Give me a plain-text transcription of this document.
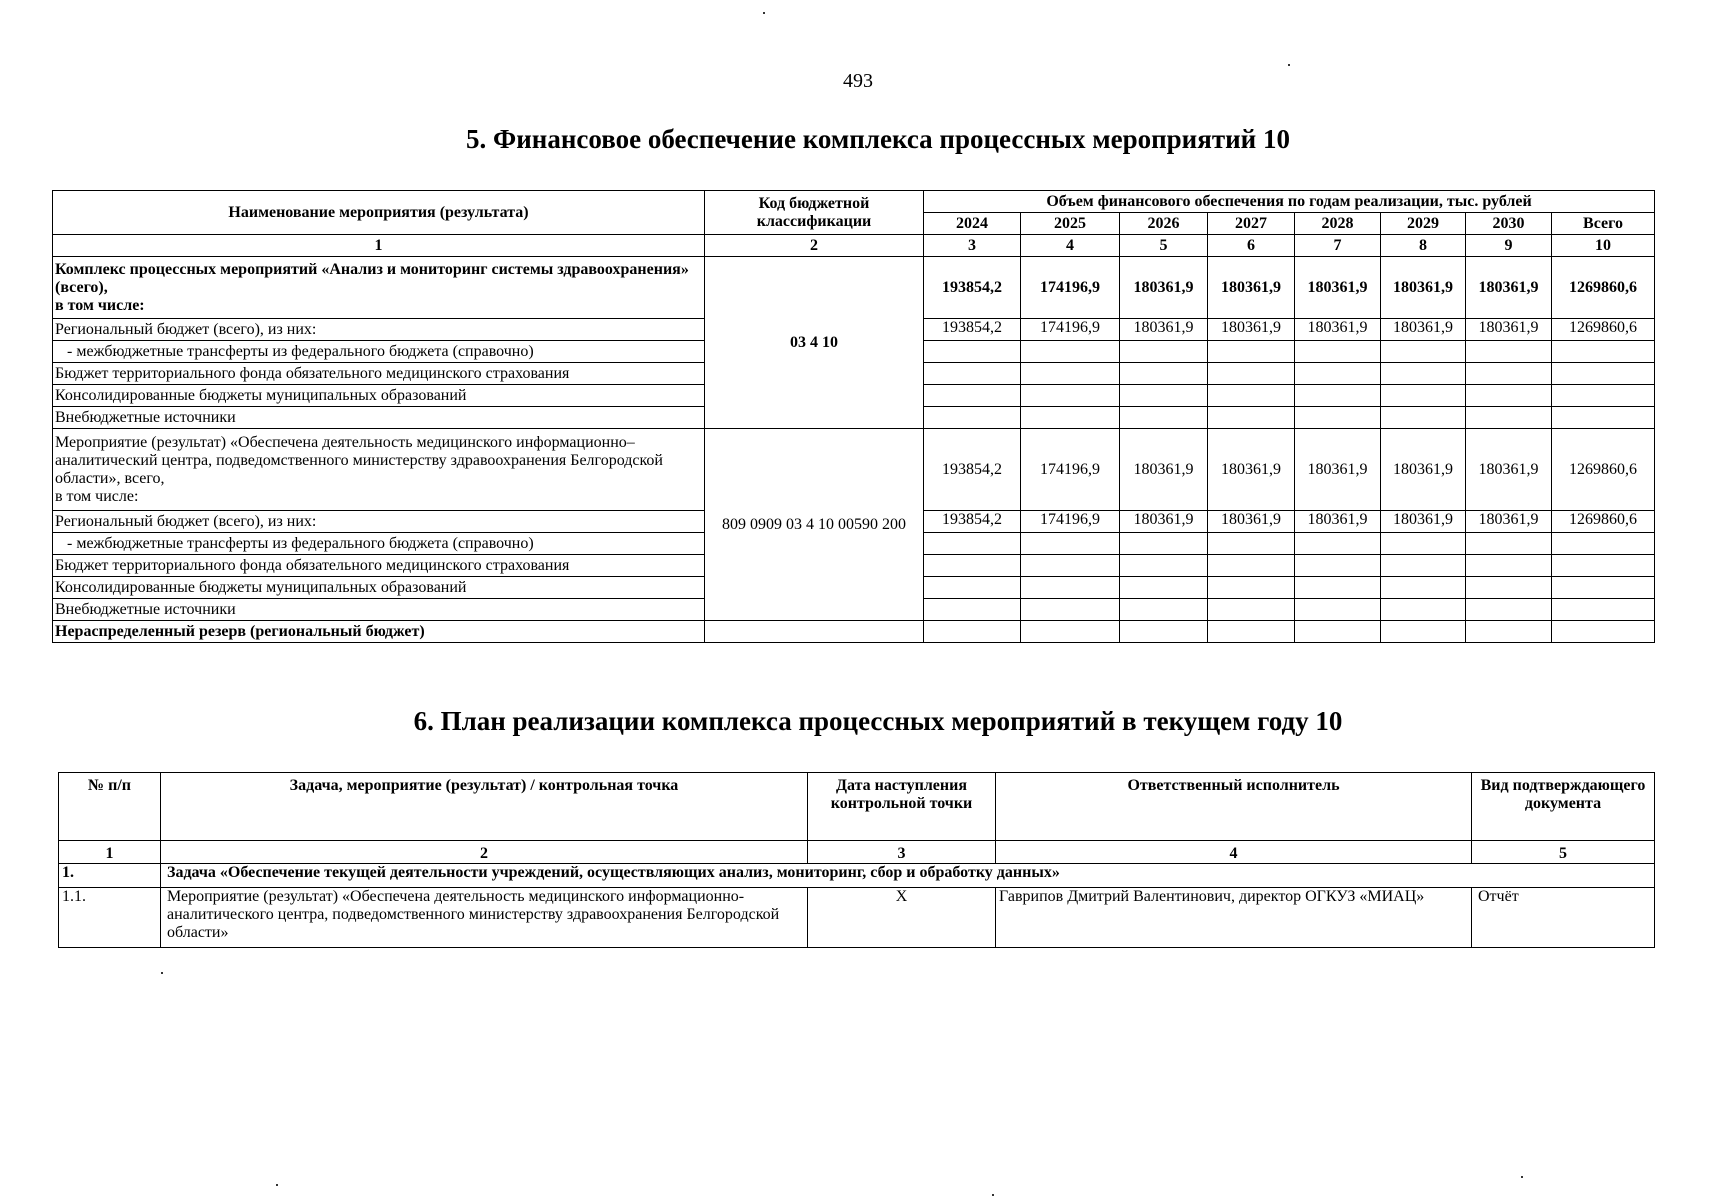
493
5. Финансовое обеспечение комплекса процессных мероприятий 10
Наименование мероприятия (результата)	Код бюджетной классификации	Объем финансового обеспечения по годам реализации, тыс. рублей							
		2024	2025	2026	2027	2028	2029	2030	Всего
1	2	3	4	5	6	7	8	9	10
Комплекс процессных мероприятий «Анализ и мониторинг системы здравоохранения» (всего),
в том числе:	03 4 10	193854,2	174196,9	180361,9	180361,9	180361,9	180361,9	180361,9	1269860,6
Региональный бюджет (всего), из них:		193854,2	174196,9	180361,9	180361,9	180361,9	180361,9	180361,9	1269860,6
- межбюджетные трансферты из федерального бюджета (справочно)									
Бюджет территориального фонда обязательного медицинского страхования									
Консолидированные бюджеты муниципальных образований									
Внебюджетные источники									
Мероприятие (результат) «Обеспечена деятельность медицинского информационно–аналитический центра, подведомственного министерству здравоохранения Белгородской области», всего,
в том числе:	809 0909 03 4 10 00590 200	193854,2	174196,9	180361,9	180361,9	180361,9	180361,9	180361,9	1269860,6
Региональный бюджет (всего), из них:		193854,2	174196,9	180361,9	180361,9	180361,9	180361,9	180361,9	1269860,6
- межбюджетные трансферты из федерального бюджета (справочно)									
Бюджет территориального фонда обязательного медицинского страхования									
Консолидированные бюджеты муниципальных образований									
Внебюджетные источники									
Нераспределенный резерв (региональный бюджет)									
6. План реализации комплекса процессных мероприятий в текущем году 10
№ п/п	Задача, мероприятие (результат) / контрольная точка	Дата наступления контрольной точки	Ответственный исполнитель	Вид подтверждающего документа
1	2	3	4	5
1.	Задача «Обеспечение текущей деятельности учреждений, осуществляющих анализ, мониторинг, сбор и обработку данных»			
1.1.	Мероприятие (результат) «Обеспечена деятельность медицинского информационно-аналитического центра, подведомственного министерству здравоохранения Белгородской области»	Х	Гаврипов Дмитрий Валентинович, директор ОГКУЗ «МИАЦ»	Отчёт
